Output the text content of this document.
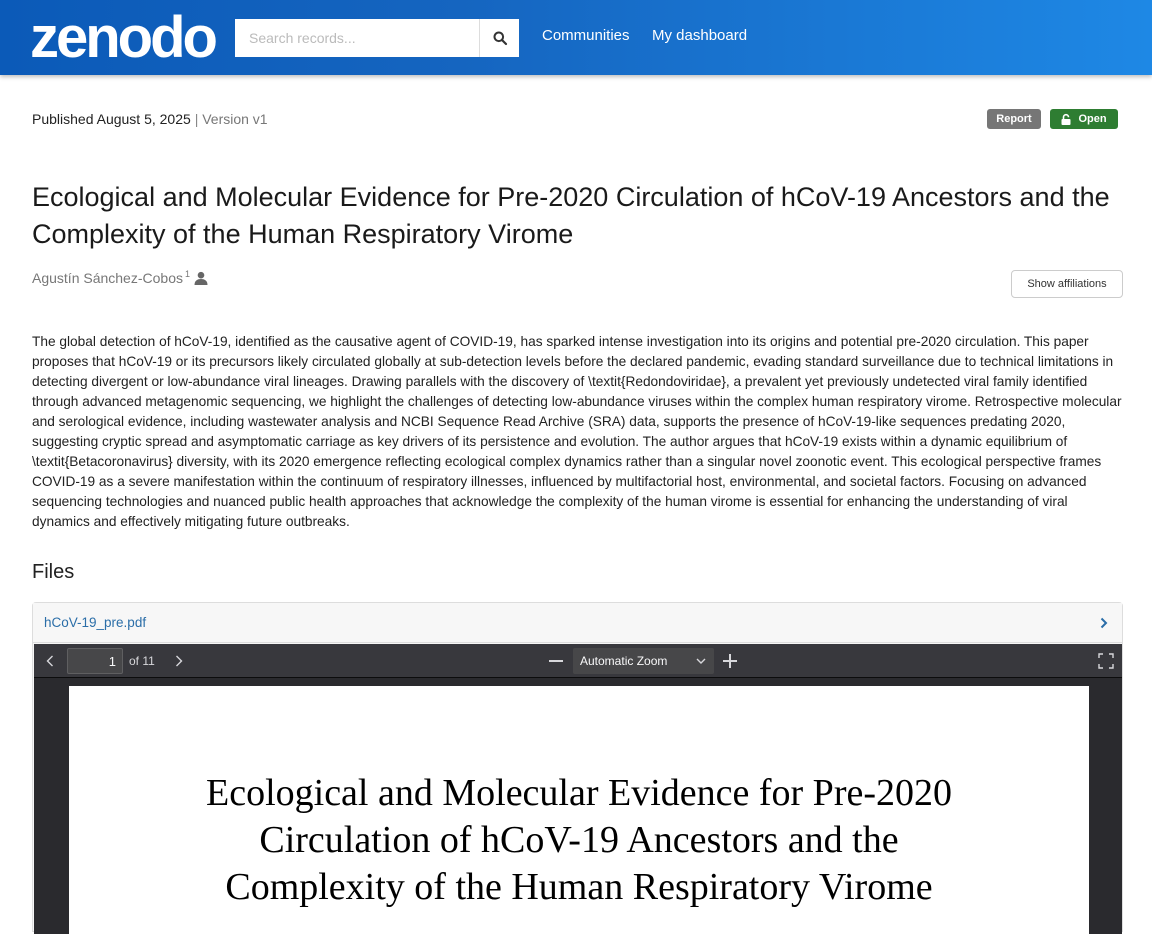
zenodo
Search records...	Communities My dashboard
Published August 5, 2025 | Version v1	Report	Open
Ecological and Molecular Evidence for Pre-2020 Circulation of hCoV-19 Ancestors and the Complexity of the Human Respiratory Virome
Agustín Sánchez-Cobos$^1$
Show affiliations

The global detection of hCoV-19, identified as the causative agent of COVID-19, has sparked intense investigation into its origins and potential pre-2020 circulation. This paper proposes that hCoV-19 or its precursors likely circulated globally at sub-detection levels before the declared pandemic, evading standard surveillance due to technical limitations in detecting divergent or low-abundance viral lineages. Drawing parallels with the discovery of \textit{Redondoviridae}, a prevalent yet previously undetected viral family identified through advanced metagenomic sequencing, we highlight the challenges of detecting low-abundance viruses within the complex human respiratory virome. Retrospective molecular and serological evidence, including wastewater analysis and NCBI Sequence Read Archive (SRA) data, supports the presence of hCoV-19-like sequences predating 2020, suggesting cryptic spread and asymptomatic carriage as key drivers of its persistence and evolution. The author argues that hCoV-19 exists within a dynamic equilibrium of \textit{Betacoronavirus} diversity, with its 2020 emergence reflecting ecological complex dynamics rather than a singular novel zoonotic event. This ecological perspective frames COVID-19 as a severe manifestation within the continuum of respiratory illnesses, influenced by multifactorial host, environmental, and societal factors. Focusing on advanced sequencing technologies and nuanced public health approaches that acknowledge the complexity of the human virome is essential for enhancing the understanding of viral dynamics and effectively mitigating future outbreaks.

Files
hCoV-19_pre.pdf
1
of 11	Automatic Zoom
Ecological and Molecular Evidence for Pre-2020
Circulation of hCoV-19 Ancestors and the
Complexity of the Human Respiratory Virome
